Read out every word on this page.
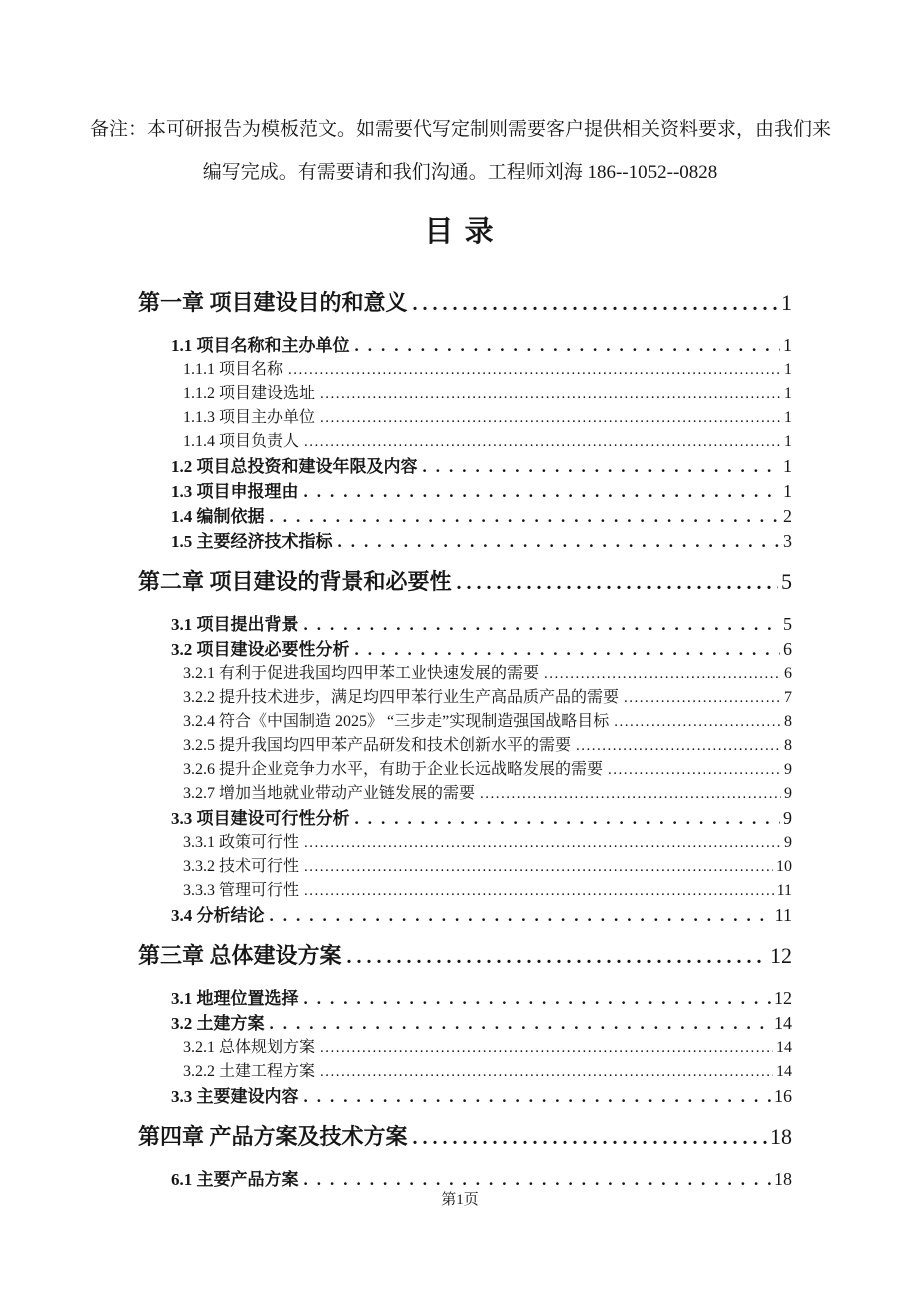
备注：本可研报告为模板范文。如需要代写定制则需要客户提供相关资料要求，由我们来
编写完成。有需要请和我们沟通。工程师刘海 186--1052--0828

目 录
第一章 项目建设目的和意义 .....	1
1.1 项目名称和主办单位 .....	1
1.1.1 项目名称 .....	1
1.1.2 项目建设选址 .....	1
1.1.3 项目主办单位 .....	1
1.1.4 项目负责人 .....	1
1.2 项目总投资和建设年限及内容 .....	1
1.3 项目申报理由 .....	1
1.4 编制依据 .....	2
1.5 主要经济技术指标 .....	3
第二章 项目建设的背景和必要性 .....	5
3.1 项目提出背景 .....	5
3.2 项目建设必要性分析 .....	6
3.2.1 有利于促进我国均四甲苯工业快速发展的需要 .....	6
3.2.2 提升技术进步，满足均四甲苯行业生产高品质产品的需要 .....	7
3.2.4 符合《中国制造 2025》 “三步走”实现制造强国战略目标 .....	8
3.2.5 提升我国均四甲苯产品研发和技术创新水平的需要 .....	8
3.2.6 提升企业竞争力水平，有助于企业长远战略发展的需要 .....	9
3.2.7 增加当地就业带动产业链发展的需要 .....	9
3.3 项目建设可行性分析 .....	9
3.3.1 政策可行性 .....	9
3.3.2 技术可行性 .....	10
3.3.3 管理可行性 .....	11
3.4 分析结论 .....	11
第三章 总体建设方案 .....	12
3.1 地理位置选择 .....	12
3.2 土建方案 .....	14
3.2.1 总体规划方案 .....	14
3.2.2 土建工程方案 .....	14
3.3 主要建设内容 .....	16
第四章 产品方案及技术方案 .....	18
6.1 主要产品方案 .....	18
第1页
